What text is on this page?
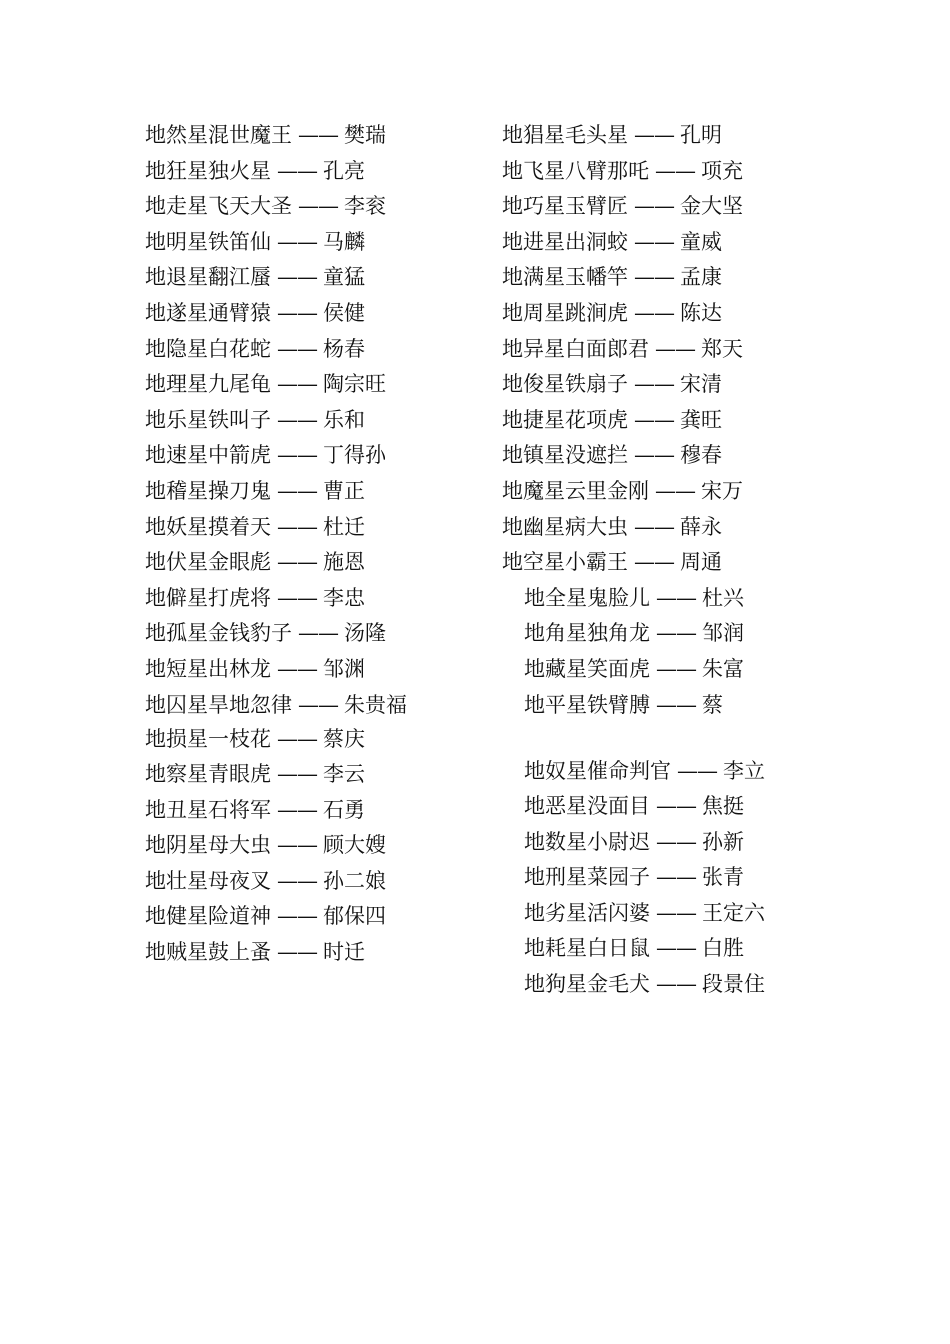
地然星混世魔王 —— 樊瑞
地狂星独火星 —— 孔亮
地走星飞天大圣 —— 李衮
地明星铁笛仙 —— 马麟
地退星翻江蜃 —— 童猛
地遂星通臂猿 —— 侯健
地隐星白花蛇 —— 杨春
地理星九尾龟 —— 陶宗旺
地乐星铁叫子 —— 乐和
地速星中箭虎 —— 丁得孙
地稽星操刀鬼 —— 曹正
地妖星摸着天 —— 杜迁
地伏星金眼彪 —— 施恩
地僻星打虎将 —— 李忠
地孤星金钱豹子 —— 汤隆
地短星出林龙 —— 邹渊
地囚星旱地忽律 —— 朱贵福
地损星一枝花 —— 蔡庆
地察星青眼虎 —— 李云
地丑星石将军 —— 石勇
地阴星母大虫 —— 顾大嫂
地壮星母夜叉 —— 孙二娘
地健星险道神 —— 郁保四
地贼星鼓上蚤 —— 时迁
地猖星毛头星 —— 孔明
地飞星八臂那吒 —— 项充
地巧星玉臂匠 —— 金大坚
地进星出洞蛟 —— 童威
地满星玉幡竿 —— 孟康
地周星跳涧虎 —— 陈达
地异星白面郎君 —— 郑天
地俊星铁扇子 —— 宋清
地捷星花项虎 —— 龚旺
地镇星没遮拦 —— 穆春
地魔星云里金刚 —— 宋万
地幽星病大虫 —— 薛永
地空星小霸王 —— 周通
地全星鬼脸儿 —— 杜兴
地角星独角龙 —— 邹润
地藏星笑面虎 —— 朱富
地平星铁臂膊 —— 蔡
地奴星催命判官 —— 李立
地恶星没面目 —— 焦挺
地数星小尉迟 —— 孙新
地刑星菜园子 —— 张青
地劣星活闪婆 —— 王定六
地耗星白日鼠 —— 白胜
地狗星金毛犬 —— 段景住
